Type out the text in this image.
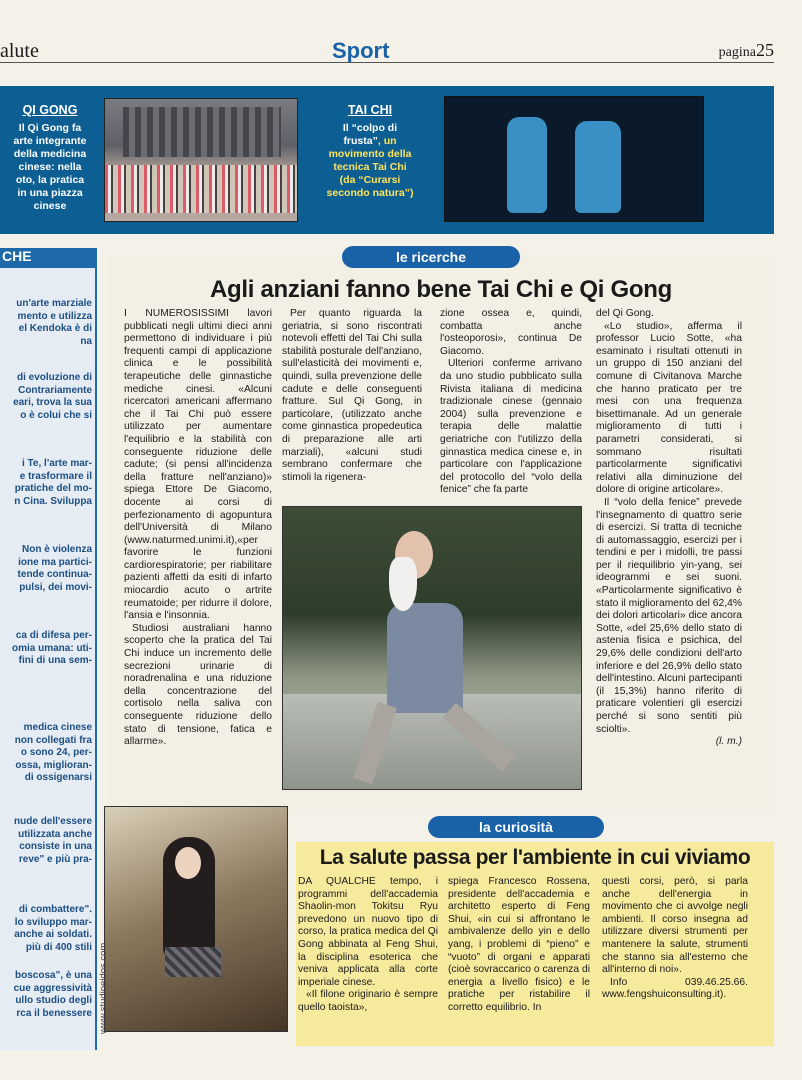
alute	Sport	pagina25
QI GONG
Il Qi Gong fa
arte integrante
della medicina
cinese: nella
oto, la pratica
in una piazza
cinese
TAI CHI
Il “colpo di frusta”, un movimento della tecnica Tai Chi (da “Curarsi secondo natura”)
CHE

un'arte marziale
mento e utilizza
el Kendoka è di
na

di evoluzione di
Contrariamente
eari, trova la sua
o è colui che si

i Te, l'arte mar-
e trasformare il
pratiche del mo-
n Cina. Sviluppa

Non è violenza
ione ma partici-
tende continua-
pulsi, dei movi-

ca di difesa per-
omia umana: uti-
fini di una sem-

medica cinese
non collegati fra
o sono 24, per-
ossa, miglioran-
di ossigenarsi

nude dell'essere
utilizzata anche
consiste in una
reve" e più pra-

di combattere".
lo sviluppo mar-
anche ai soldati.
più di 400 stili

boscosa", è una
cue aggressività
ullo studio degli
rca il benessere

le ricerche
Agli anziani fanno bene Tai Chi e Qi Gong

I NUMEROSISSIMI lavori pubblicati negli ultimi dieci anni permettono di individuare i più frequenti campi di applicazione clinica e le possibilità terapeutiche delle ginnastiche mediche cinesi. «Alcuni ricercatori americani affermano che il Tai Chi può essere utilizzato per aumentare l'equilibrio e la stabilità con conseguente riduzione delle cadute; (si pensi all'incidenza della fratture nell'anziano)» spiega Ettore De Giacomo, docente ai corsi di perfezionamento di agopuntura dell'Università di Milano (www.naturmed.unimi.it),«per favorire le funzioni cardiorespiratorie; per riabilitare pazienti affetti da esiti di infarto miocardio acuto o artrite reumatoide; per ridurre il dolore, l'ansia e l'insonnia.

Studiosi australiani hanno scoperto che la pratica del Tai Chi induce un incremento delle secrezioni urinarie di noradrenalina e una riduzione della concentrazione del cortisolo nella saliva con conseguente riduzione dello stato di tensione, fatica e allarme».

Per quanto riguarda la geriatria, si sono riscontrati notevoli effetti del Tai Chi sulla stabilità posturale dell'anziano, sull'elasticità dei movimenti e, quindi, sulla prevenzione delle cadute e delle conseguenti fratture. Sul Qi Gong, in particolare, (utilizzato anche come ginnastica propedeutica di preparazione alle arti marziali), «alcuni studi sembrano confermare che stimoli la rigenera-

zione ossea e, quindi, combatta anche l'osteoporosi», continua De Giacomo.

Ulteriori conferme arrivano da uno studio pubblicato sulla Rivista italiana di medicina tradizionale cinese (gennaio 2004) sulla prevenzione e terapia delle malattie geriatriche con l'utilizzo della ginnastica medica cinese e, in particolare con l'applicazione del protocollo del “volo della fenice” che fa parte

del Qi Gong.

«Lo studio», afferma il professor Lucio Sotte, «ha esaminato i risultati ottenuti in un gruppo di 150 anziani del comune di Civitanova Marche che hanno praticato per tre mesi con una frequenza bisettimanale. Ad un generale miglioramento di tutti i parametri considerati, si sommano risultati particolarmente significativi relativi alla diminuzione del dolore di origine articolare».

Il “volo della fenice” prevede l'insegnamento di quattro serie di esercizi. Si tratta di tecniche di automassaggio, esercizi per i tendini e per i midolli, tre passi per il riequilibrio yin-yang, sei ideogrammi e sei suoni. «Particolarmente significativo è stato il miglioramento del 62,4% dei dolori articolari» dice ancora Sotte, «del 25,6% dello stato di astenia fisica e psichica, del 29,6% delle condizioni dell'arto inferiore e del 26,9% dello stato dell'intestino. Alcuni partecipanti (il 15,3%) hanno riferito di praticare volentieri gli esercizi perché si sono sentiti più sciolti».

(l. m.)
www.studioeidos.com
la curiosità
La salute passa per l'ambiente in cui viviamo

DA QUALCHE tempo, i programmi dell'accademia Shaolin-mon Tokitsu Ryu prevedono un nuovo tipo di corso, la pratica medica del Qi Gong abbinata al Feng Shui, la disciplina esoterica che veniva applicata alla corte imperiale cinese.

«Il filone originario è sempre quello taoista»,

spiega Francesco Rossena, presidente dell'accademia e architetto esperto di Feng Shui, «in cui si affrontano le ambivalenze dello yin e dello yang, i problemi di “pieno” e “vuoto” di organi e apparati (cioè sovraccarico o carenza di energia a livello fisico) e le pratiche per ristabilire il corretto equilibrio. In

questi corsi, però, si parla anche dell'energia in movimento che ci avvolge negli ambienti. Il corso insegna ad utilizzare diversi strumenti per mantenere la salute, strumenti che stanno sia all'esterno che all'interno di noi».

Info 039.46.25.66. www.fengshuiconsulting.it).
